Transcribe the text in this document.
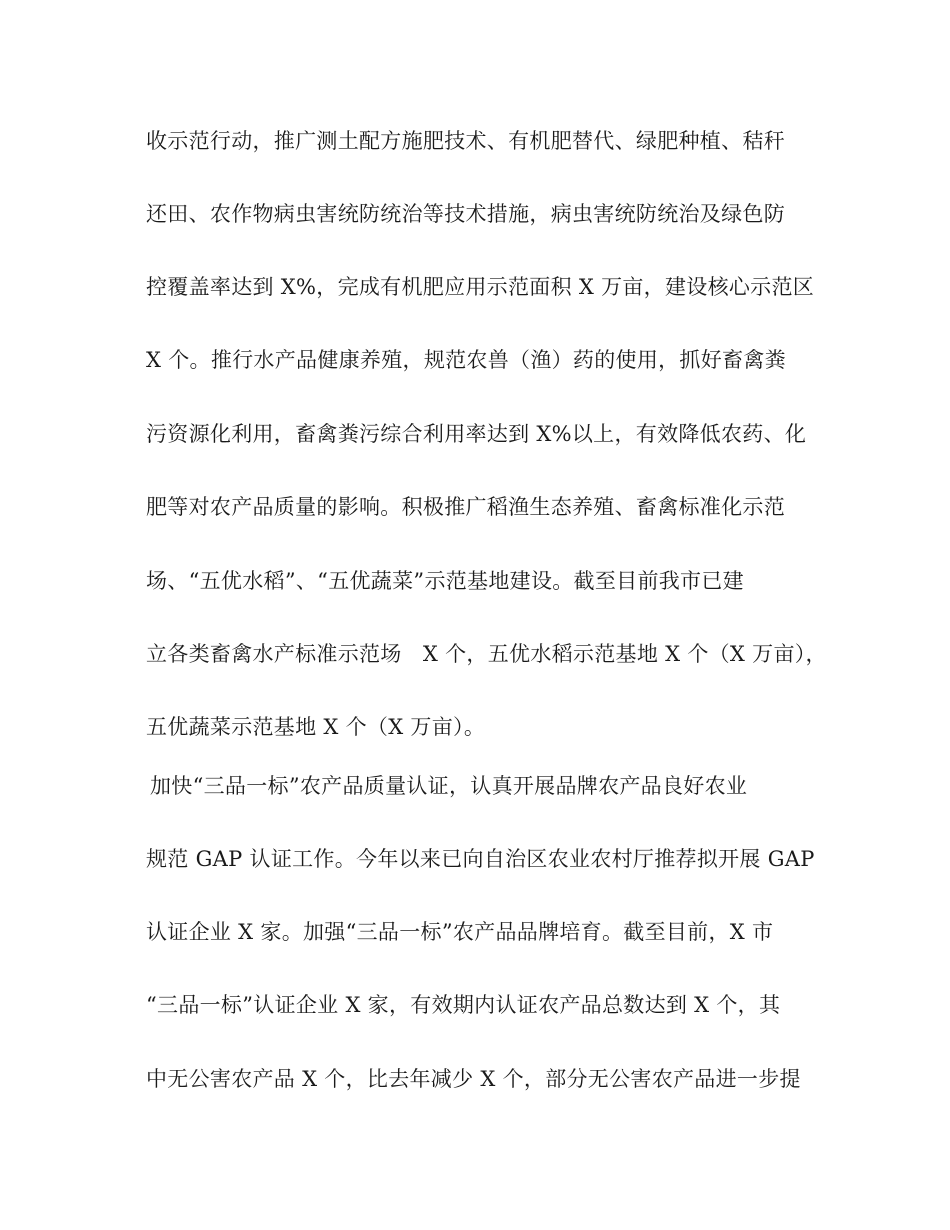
收示范行动，推广测土配方施肥技术、有机肥替代、绿肥种植、秸秆
还田、农作物病虫害统防统治等技术措施，病虫害统防统治及绿色防
控覆盖率达到 X%，完成有机肥应用示范面积 X 万亩，建设核心示范区
X 个。推行水产品健康养殖，规范农兽（渔）药的使用，抓好畜禽粪
污资源化利用，畜禽粪污综合利用率达到 X%以上，有效降低农药、化
肥等对农产品质量的影响。积极推广稻渔生态养殖、畜禽标准化示范
场、“五优水稻”、“五优蔬菜”示范基地建设。截至目前我市已建
立各类畜禽水产标准示范场　X 个，五优水稻示范基地 X 个（X 万亩），
五优蔬菜示范基地 X 个（X 万亩）。
加快“三品一标”农产品质量认证，认真开展品牌农产品良好农业
规范 GAP 认证工作。今年以来已向自治区农业农村厅推荐拟开展 GAP
认证企业 X 家。加强“三品一标”农产品品牌培育。截至目前，X 市
“三品一标”认证企业 X 家，有效期内认证农产品总数达到 X 个，其
中无公害农产品 X 个，比去年减少 X 个，部分无公害农产品进一步提
